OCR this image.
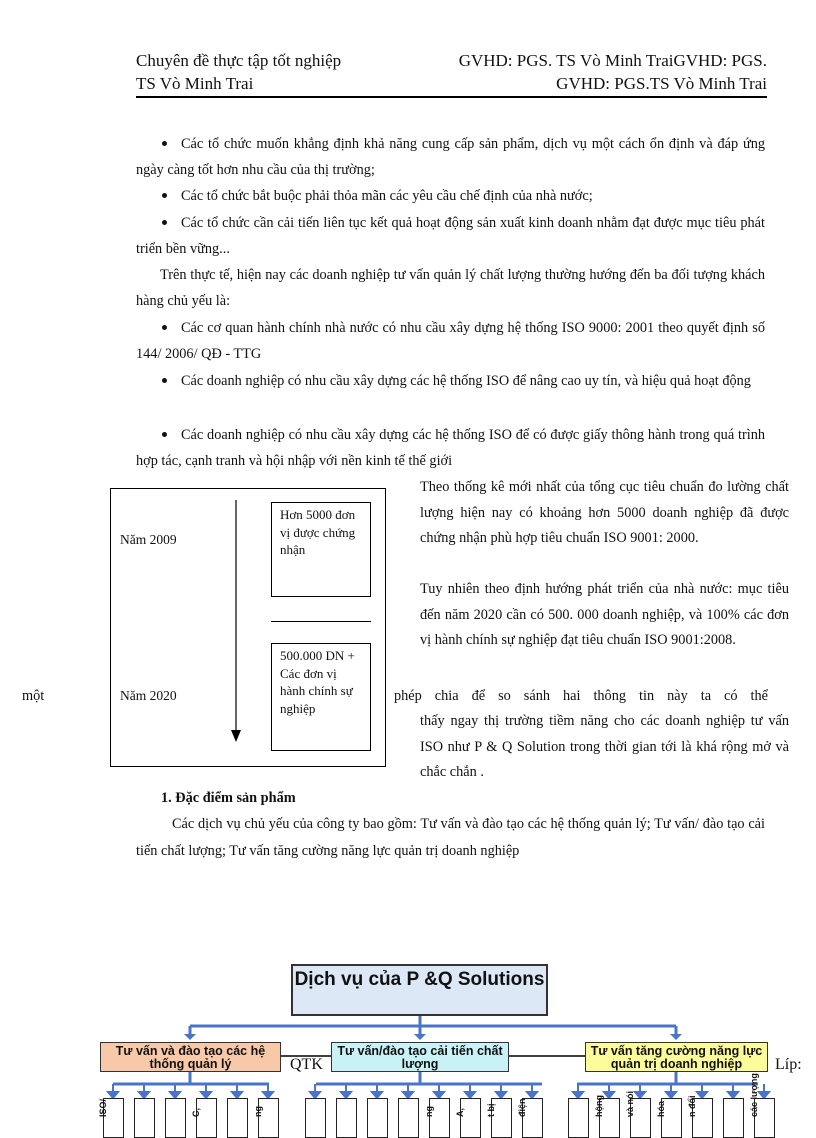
Chuyên đề thực tập tốt nghiệp	GVHD: PGS. TS Vò Minh TraiGVHD: PGS.
TS Vò Minh Trai	GVHD: PGS.TS Vò Minh Trai
Các tổ chức muốn khẳng định khả năng cung cấp sản phẩm, dịch vụ một cách ổn định và đáp ứng ngày càng tốt hơn nhu cầu của thị trường;
Các tổ chức bắt buộc phải thỏa mãn các yêu cầu chế định của nhà nước;
Các tổ chức cần cải tiến liên tục kết quả hoạt động sản xuất kinh doanh nhằm đạt được mục tiêu phát triển bền vững...
Trên thực tế, hiện nay các doanh nghiệp tư vấn quản lý chất lượng thường hướng đến ba đối tượng khách hàng chủ yếu là:
Các cơ quan hành chính nhà nước có nhu cầu xây dựng hệ thống ISO 9000: 2001 theo quyết định số 144/ 2006/ QĐ - TTG
Các doanh nghiệp có nhu cầu xây dựng các hệ thống ISO để nâng cao uy tín, và hiệu quả hoạt động
Các doanh nghiệp có nhu cầu xây dựng các hệ thống ISO để có được giấy thông hành trong quá trình hợp tác, cạnh tranh và hội nhập với nền kinh tế thế giới
Năm 2009
Năm 2020
Hơn 5000 đơn vị được chứng nhận
500.000 DN + Các đơn vị hành chính sự nghiệp
Theo thống kê mới nhất của tổng cục tiêu chuẩn đo lường chất lượng hiện nay có khoảng hơn 5000 doanh nghiệp đã được chứng nhận phù hợp tiêu chuẩn ISO 9001: 2000.
Tuy nhiên theo định hướng phát triển của nhà nước: mục tiêu đến năm 2020 cần có 500. 000 doanh nghiệp, và 100% các đơn vị hành chính sự nghiệp đạt tiêu chuẩn ISO 9001:2008.
một	phép chia để so sánh hai thông tin này ta có thể
thấy ngay thị trường tiềm năng cho các doanh nghiệp tư vấn ISO như P & Q Solution trong thời gian tới là khá rộng mở và chắc chắn .
1. Đặc điểm sản phẩm
Các dịch vụ chủ yếu của công ty bao gồm: Tư vấn và đào tạo các hệ thống quản lý; Tư vấn/ đào tạo cải tiến chất lượng; Tư vấn tăng cường năng lực quản trị doanh nghiệp
Dịch vụ của P &Q Solutions
Tư vấn và đào tạo các hệ thống quản lý
Tư vấn/đào tạo cải tiến chất lượng
Tư vấn tăng cường năng lực quản trị doanh nghiệp
QTK	Líp:
ISO/	C,	ng	ng A, t bị điện	hộng và nói hóa n đổi	các lượng
